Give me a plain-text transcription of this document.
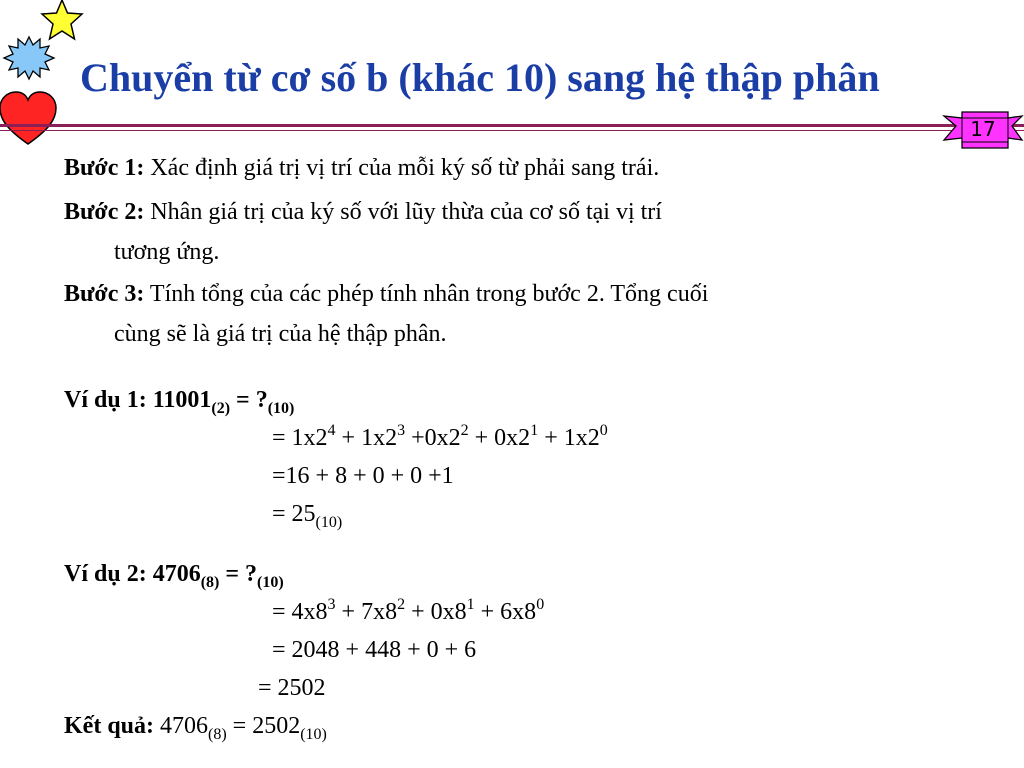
Chuyển từ cơ số b (khác 10) sang hệ thập phân
17
Bước 1: Xác định giá trị vị trí của mỗi ký số từ phải sang trái.
Bước 2: Nhân giá trị của ký số với lũy thừa của cơ số tại vị trí
tương ứng.
Bước 3: Tính tổng của các phép tính nhân trong bước 2. Tổng cuối
cùng sẽ là giá trị của hệ thập phân.
Ví dụ 1: $11001_{(2)}$ = $?_{(10)}$
= $1x2^4 + 1x2^3 +0x2^2 + 0x2^1 + 1x2^0$
=16 + 8 + 0 + 0 +1
= $25_{(10)}$
Ví dụ 2: $4706_{(8)}$ = $?_{(10)}$
= $4x8^3 + 7x8^2 + 0x8^1 + 6x8^0$
= 2048 + 448 + 0 + 6
= 2502
Kết quả: $4706_{(8)} = 2502_{(10)}$
